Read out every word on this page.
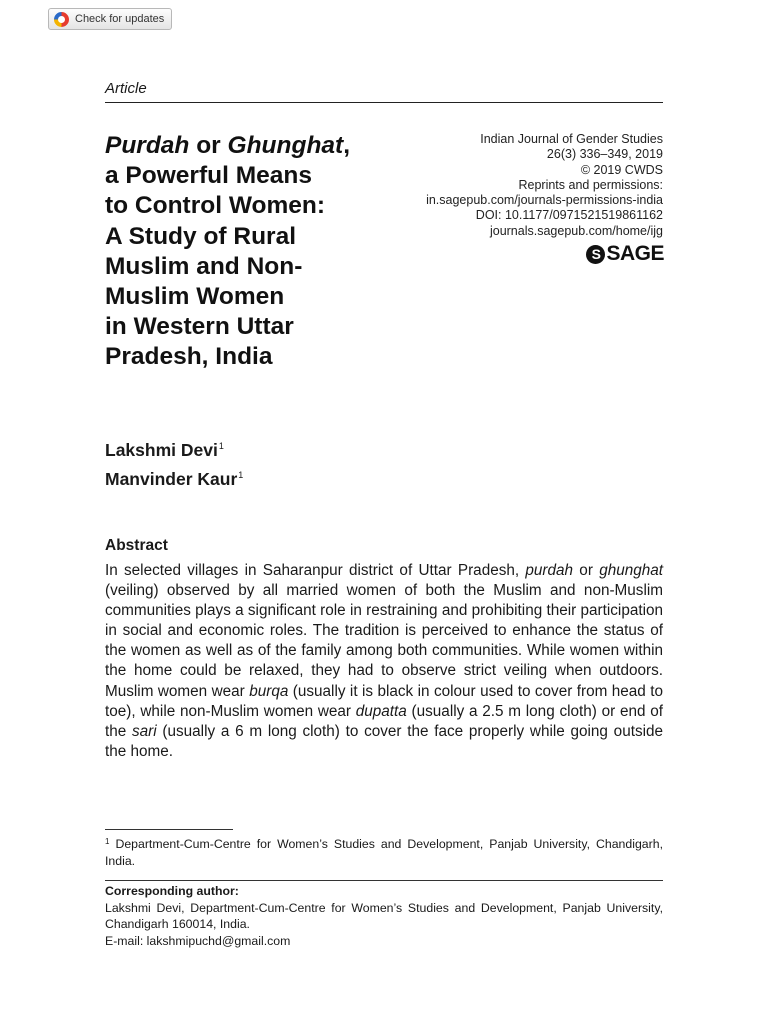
Check for updates
Article
Purdah or Ghunghat,
a Powerful Means
to Control Women:
A Study of Rural
Muslim and Non-
Muslim Women
in Western Uttar
Pradesh, India
Indian Journal of Gender Studies
26(3) 336–349, 2019
© 2019 CWDS
Reprints and permissions:
in.sagepub.com/journals-permissions-india
DOI: 10.1177/0971521519861162
journals.sagepub.com/home/ijg
S SAGE
Lakshmi Devi$^1$
Manvinder Kaur$^1$
Abstract

In selected villages in Saharanpur district of Uttar Pradesh, purdah or ghunghat (veiling) observed by all married women of both the Muslim and non-Muslim communities plays a significant role in restraining and prohibiting their participation in social and economic roles. The tradition is perceived to enhance the status of the women as well as of the family among both communities. While women within the home could be relaxed, they had to observe strict veiling when outdoors. Muslim women wear burqa (usually it is black in colour used to cover from head to toe), while non-Muslim women wear dupatta (usually a 2.5 m long cloth) or end of the sari (usually a 6 m long cloth) to cover the face properly while going outside the home.

$^1$ Department-Cum-Centre for Women’s Studies and Development, Panjab University, Chandigarh, India.

Corresponding author:
Lakshmi Devi, Department-Cum-Centre for Women’s Studies and Development, Panjab University, Chandigarh 160014, India.
E-mail: lakshmipuchd@gmail.com
